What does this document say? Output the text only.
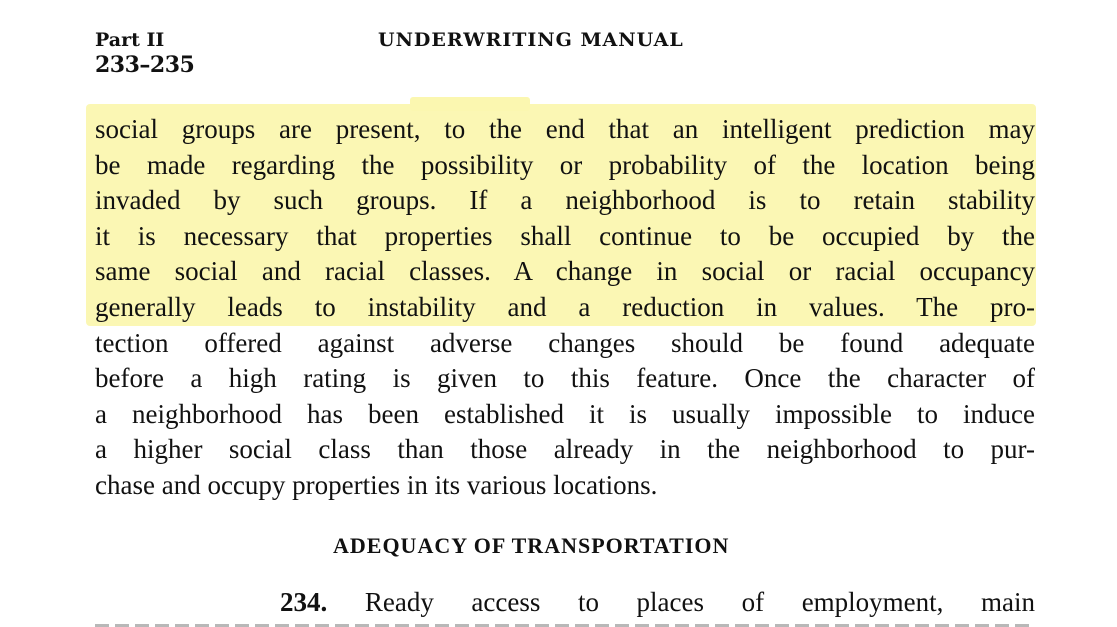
Part II
233–235
UNDERWRITING MANUAL
social groups are present, to the end that an intelligent prediction may
be made regarding the possibility or probability of the location being
invaded by such groups. If a neighborhood is to retain stability
it is necessary that properties shall continue to be occupied by the
same social and racial classes. A change in social or racial occupancy
generally leads to instability and a reduction in values. The pro-
tection offered against adverse changes should be found adequate
before a high rating is given to this feature. Once the character of
a neighborhood has been established it is usually impossible to induce
a higher social class than those already in the neighborhood to pur-
chase and occupy properties in its various locations.
ADEQUACY OF TRANSPORTATION
234. Ready access to places of employment, main
